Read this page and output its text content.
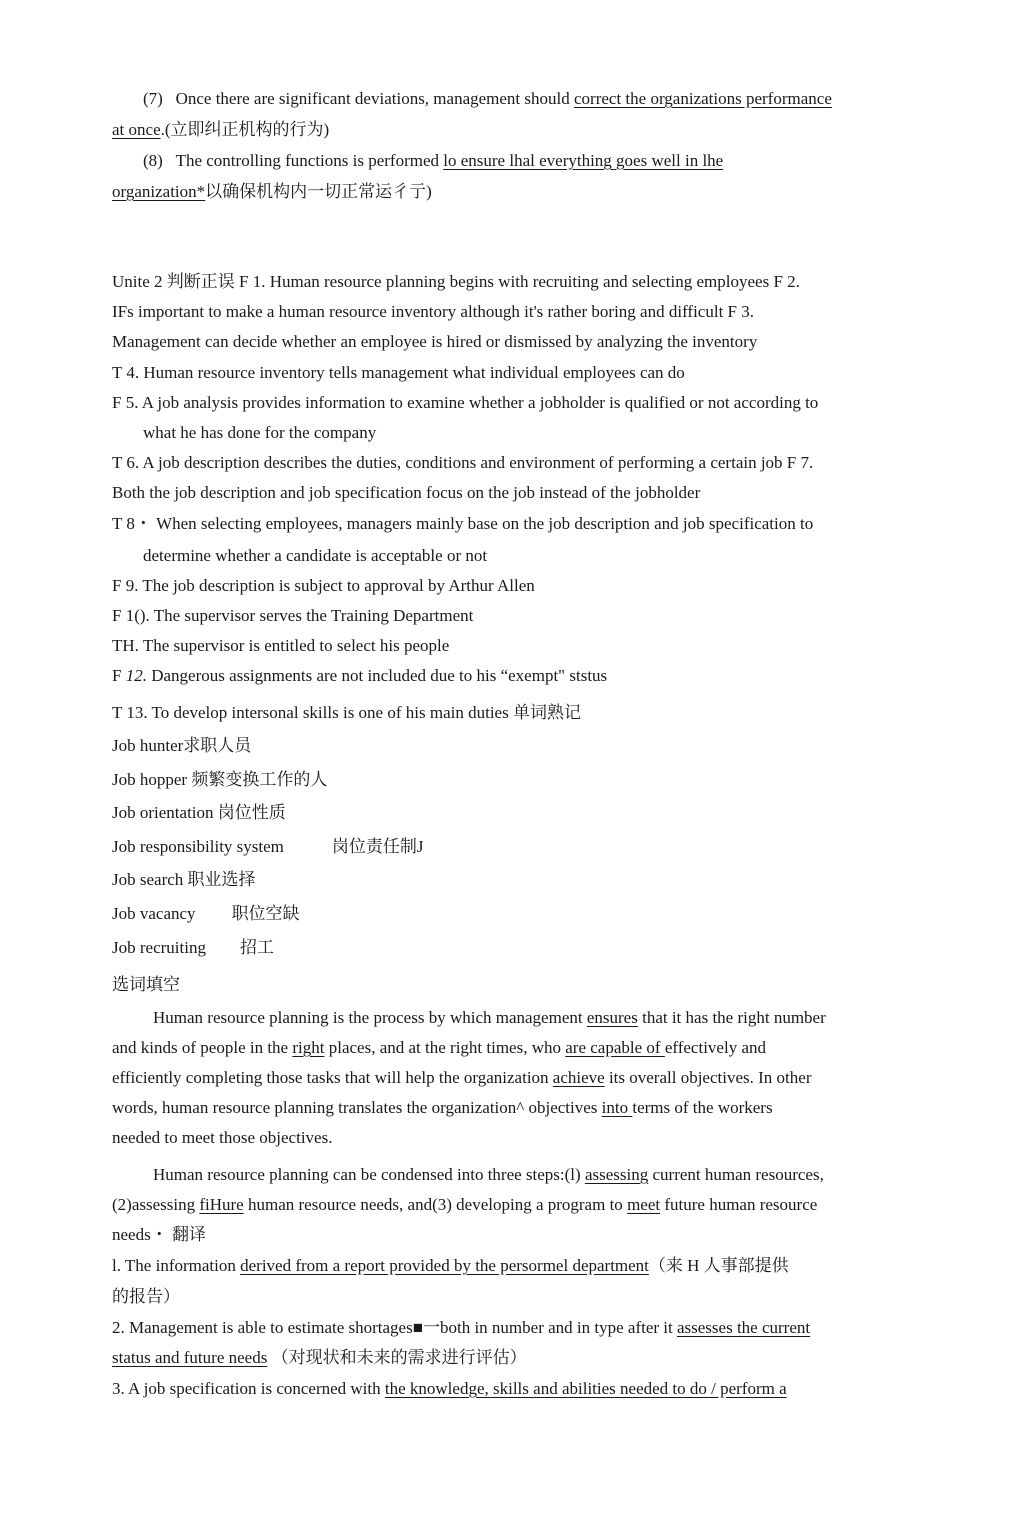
(7) Once there are significant deviations, management should correct the organizations performance
at once.(立即纠正机构的行为)
(8) The controlling functions is performed lo ensure lhal everything goes well in lhe
organization*以确保机构内一切正常运彳亍)
Unite 2 判断正误 F 1. Human resource planning begins with recruiting and selecting employees F 2.
IFs important to make a human resource inventory although it's rather boring and difficult F 3.
Management can decide whether an employee is hired or dismissed by analyzing the inventory
T 4. Human resource inventory tells management what individual employees can do
F 5. A job analysis provides information to examine whether a jobholder is qualified or not according to
what he has done for the company
T 6. A job description describes the duties, conditions and environment of performing a certain job F 7.
Both the job description and job specification focus on the job instead of the jobholder
T 8・ When selecting employees, managers mainly base on the job description and job specification to
determine whether a candidate is acceptable or not
F 9. The job description is subject to approval by Arthur Allen
F 1(). The supervisor serves the Training Department
TH. The supervisor is entitled to select his people
F 12. Dangerous assignments are not included due to his “exempt" ststus
T 13. To develop intersonal skills is one of his main duties 单词熟记
Job hunter求职人员
Job hopper 频繁变换工作的人
Job orientation 岗位性质
Job responsibility system	岗位责任制J
Job search 职业选择
Job vacancy 职位空缺
Job recruiting 招工
选词填空
Human resource planning is the process by which management ensures that it has the right number
and kinds of people in the right places, and at the right times, who are capable of effectively and
efficiently completing those tasks that will help the organization achieve its overall objectives. In other
words, human resource planning translates the organization^ objectives into terms of the workers
needed to meet those objectives.
Human resource planning can be condensed into three steps:(l) assessing current human resources,
(2)assessing fiHure human resource needs, and(3) developing a program to meet future human resource
needs・ 翻译
l. The information derived from a report provided by the persormel department（来 H 人事部提供
的报告）
2. Management is able to estimate shortages■一both in number and in type after it assesses the current
status and future needs （对现状和未来的需求进行评估）
3. A job specification is concerned with the knowledge, skills and abilities needed to do / perform a
